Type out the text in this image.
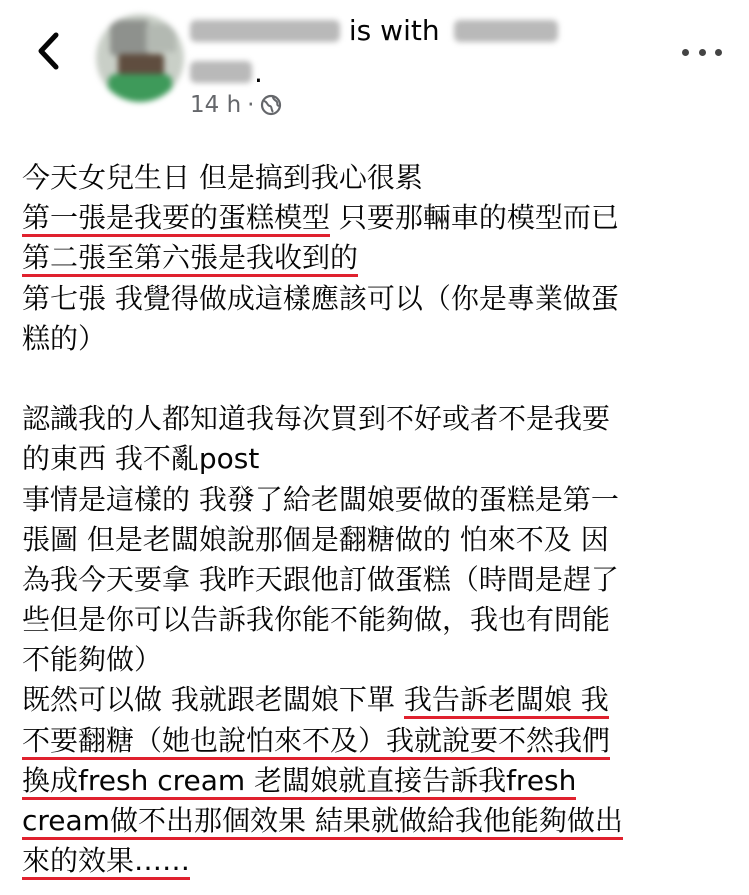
is with
.
14 h ·
今天女兒生日 但是搞到我心很累
第一張是我要的蛋糕模型 只要那輛車的模型而已
第二張至第六張是我收到的
第七張 我覺得做成這樣應該可以（你是專業做蛋
糕的）
認識我的人都知道我每次買到不好或者不是我要
的東西 我不亂post
事情是這樣的 我發了給老闆娘要做的蛋糕是第一
張圖 但是老闆娘說那個是翻糖做的 怕來不及 因
為我今天要拿 我昨天跟他訂做蛋糕（時間是趕了
些但是你可以告訴我你能不能夠做，我也有問能
不能夠做）
既然可以做 我就跟老闆娘下單 我告訴老闆娘 我
不要翻糖（她也說怕來不及）我就說要不然我們
換成fresh cream 老闆娘就直接告訴我fresh
cream做不出那個效果 結果就做給我他能夠做出
來的效果……
